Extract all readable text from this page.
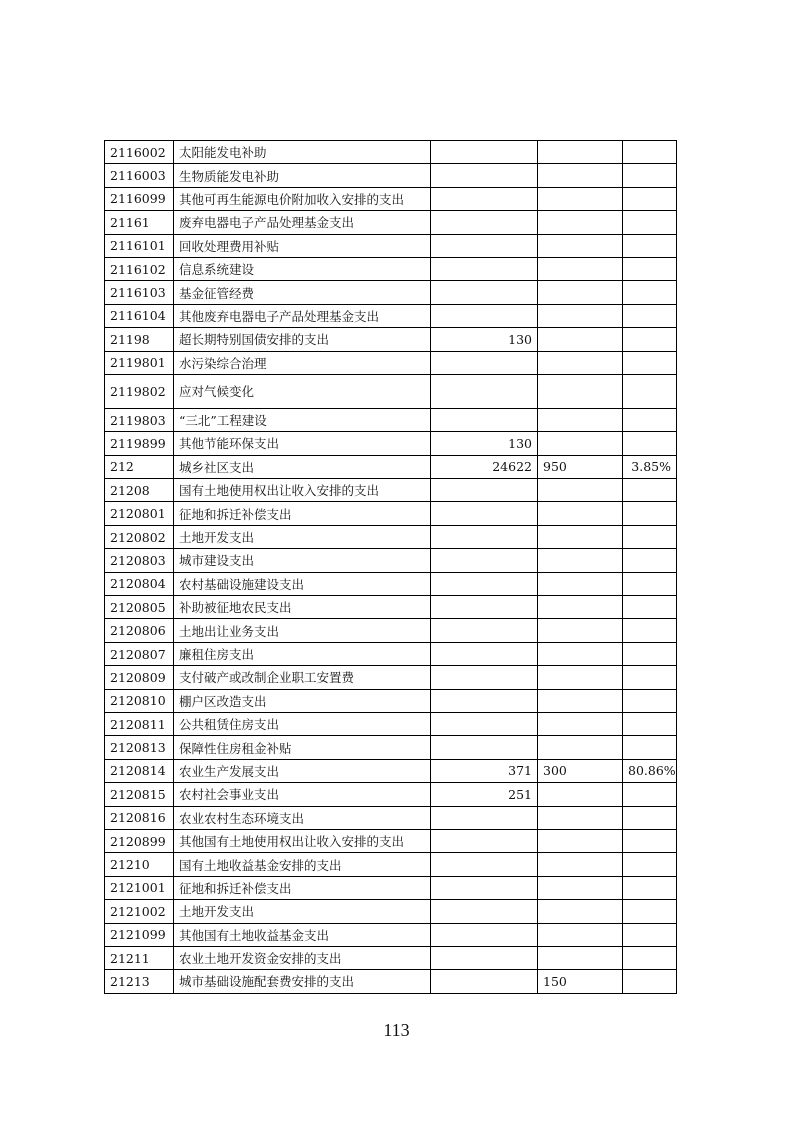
2116002	太阳能发电补助			
2116003	生物质能发电补助			
2116099	其他可再生能源电价附加收入安排的支出			
21161	废弃电器电子产品处理基金支出			
2116101	回收处理费用补贴			
2116102	信息系统建设			
2116103	基金征管经费			
2116104	其他废弃电器电子产品处理基金支出			
21198	超长期特别国债安排的支出	130		
2119801	水污染综合治理			
2119802	应对气候变化			
2119803	“三北”工程建设			
2119899	其他节能环保支出	130		
212	城乡社区支出	24622	950	3.85%
21208	国有土地使用权出让收入安排的支出			
2120801	征地和拆迁补偿支出			
2120802	土地开发支出			
2120803	城市建设支出			
2120804	农村基础设施建设支出			
2120805	补助被征地农民支出			
2120806	土地出让业务支出			
2120807	廉租住房支出			
2120809	支付破产或改制企业职工安置费			
2120810	棚户区改造支出			
2120811	公共租赁住房支出			
2120813	保障性住房租金补贴			
2120814	农业生产发展支出	371	300	80.86%
2120815	农村社会事业支出	251		
2120816	农业农村生态环境支出			
2120899	其他国有土地使用权出让收入安排的支出			
21210	国有土地收益基金安排的支出			
2121001	征地和拆迁补偿支出			
2121002	土地开发支出			
2121099	其他国有土地收益基金支出			
21211	农业土地开发资金安排的支出			
21213	城市基础设施配套费安排的支出		150	
113
